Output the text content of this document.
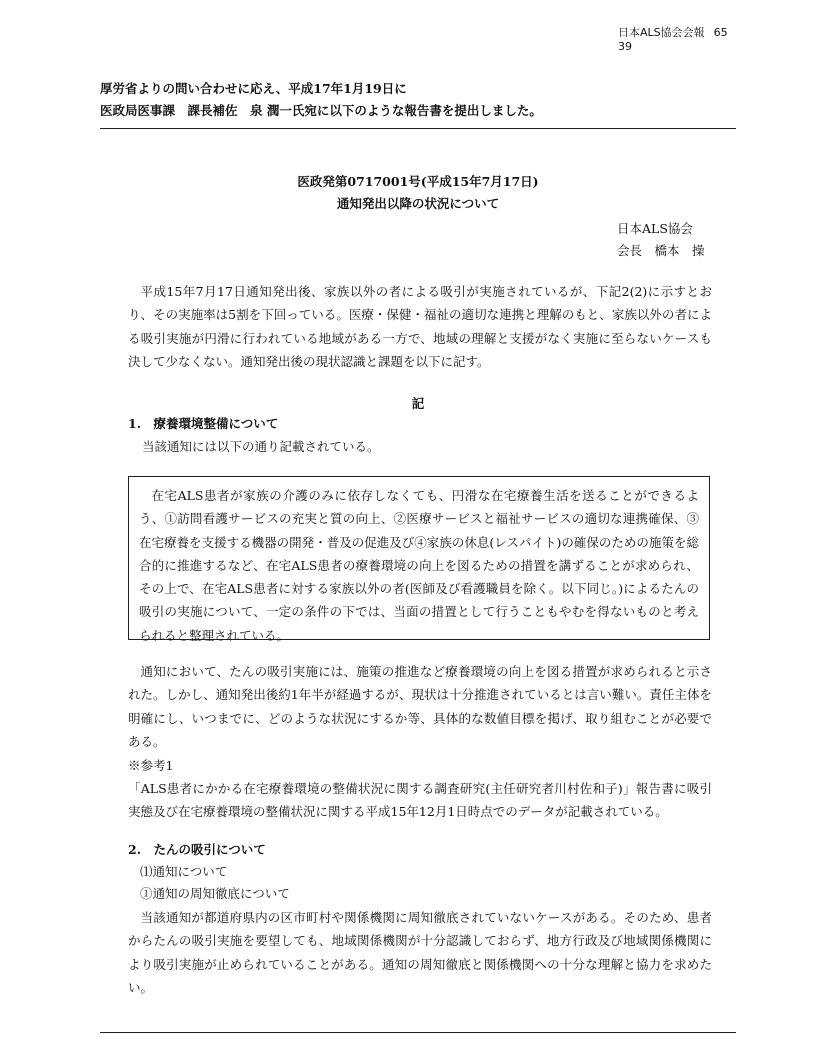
日本ALS協会会報 65
39

厚労省よりの問い合わせに応え、平成17年1月19日に

医政局医事課　課長補佐　泉 潤一氏宛に以下のような報告書を提出しました。

医政発第0717001号(平成15年7月17日)
通知発出以降の状況について

日本ALS協会

会長　橋本　操

平成15年7月17日通知発出後、家族以外の者による吸引が実施されているが、下記2(2)に示すとおり、その実施率は5割を下回っている。医療・保健・福祉の適切な連携と理解のもと、家族以外の者による吸引実施が円滑に行われている地域がある一方で、地域の理解と支援がなく実施に至らないケースも決して少なくない。通知発出後の現状認識と課題を以下に記す。

記
1.　療養環境整備について
当該通知には以下の通り記載されている。

在宅ALS患者が家族の介護のみに依存しなくても、円滑な在宅療養生活を送ることができるよう、①訪問看護サービスの充実と質の向上、②医療サービスと福祉サービスの適切な連携確保、③在宅療養を支援する機器の開発・普及の促進及び④家族の休息(レスパイト)の確保のための施策を総合的に推進するなど、在宅ALS患者の療養環境の向上を図るための措置を講ずることが求められ、その上で、在宅ALS患者に対する家族以外の者(医師及び看護職員を除く。以下同じ。)によるたんの吸引の実施について、一定の条件の下では、当面の措置として行うこともやむを得ないものと考えられると整理されている。

通知において、たんの吸引実施には、施策の推進など療養環境の向上を図る措置が求められると示された。しかし、通知発出後約1年半が経過するが、現状は十分推進されているとは言い難い。責任主体を明確にし、いつまでに、どのような状況にするか等、具体的な数値目標を掲げ、取り組むことが必要である。

※参考1

「ALS患者にかかる在宅療養環境の整備状況に関する調査研究(主任研究者川村佐和子)」報告書に吸引実態及び在宅療養環境の整備状況に関する平成15年12月1日時点でのデータが記載されている。

2.　たんの吸引について
⑴通知について
①通知の周知徹底について

当該通知が都道府県内の区市町村や関係機関に周知徹底されていないケースがある。そのため、患者からたんの吸引実施を要望しても、地域関係機関が十分認識しておらず、地方行政及び地域関係機関により吸引実施が止められていることがある。通知の周知徹底と関係機関への十分な理解と協力を求めたい。
